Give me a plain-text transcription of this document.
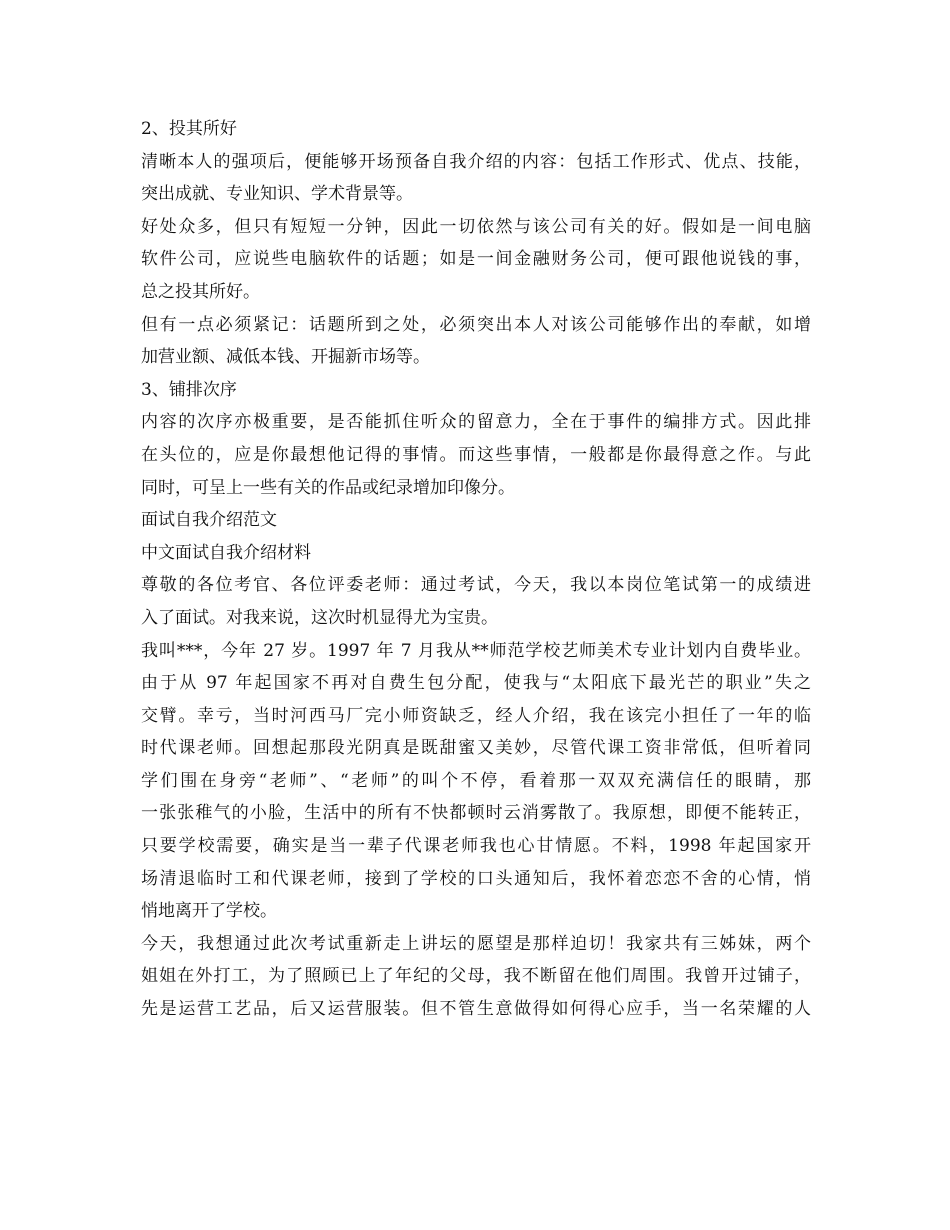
2、投其所好
清晰本人的强项后，便能够开场预备自我介绍的内容：包括工作形式、优点、技能，
突出成就、专业知识、学术背景等。
好处众多，但只有短短一分钟，因此一切依然与该公司有关的好。假如是一间电脑
软件公司，应说些电脑软件的话题；如是一间金融财务公司，便可跟他说钱的事，
总之投其所好。
但有一点必须紧记：话题所到之处，必须突出本人对该公司能够作出的奉献，如增
加营业额、减低本钱、开掘新市场等。
3、铺排次序
内容的次序亦极重要，是否能抓住听众的留意力，全在于事件的编排方式。因此排
在头位的，应是你最想他记得的事情。而这些事情，一般都是你最得意之作。与此
同时，可呈上一些有关的作品或纪录增加印像分。
面试自我介绍范文
中文面试自我介绍材料
尊敬的各位考官、各位评委老师：通过考试，今天，我以本岗位笔试第一的成绩进
入了面试。对我来说，这次时机显得尤为宝贵。
我叫***，今年 27 岁。1997 年 7 月我从**师范学校艺师美术专业计划内自费毕业。
由于从 97 年起国家不再对自费生包分配，使我与“太阳底下最光芒的职业”失之
交臂。幸亏，当时河西马厂完小师资缺乏，经人介绍，我在该完小担任了一年的临
时代课老师。回想起那段光阴真是既甜蜜又美妙，尽管代课工资非常低，但听着同
学们围在身旁“老师”、“老师”的叫个不停，看着那一双双充满信任的眼睛，那
一张张稚气的小脸，生活中的所有不快都顿时云消雾散了。我原想，即便不能转正，
只要学校需要，确实是当一辈子代课老师我也心甘情愿。不料，1998 年起国家开
场清退临时工和代课老师，接到了学校的口头通知后，我怀着恋恋不舍的心情，悄
悄地离开了学校。
今天，我想通过此次考试重新走上讲坛的愿望是那样迫切！我家共有三姊妹，两个
姐姐在外打工，为了照顾已上了年纪的父母，我不断留在他们周围。我曾开过铺子，
先是运营工艺品，后又运营服装。但不管生意做得如何得心应手，当一名荣耀的人
